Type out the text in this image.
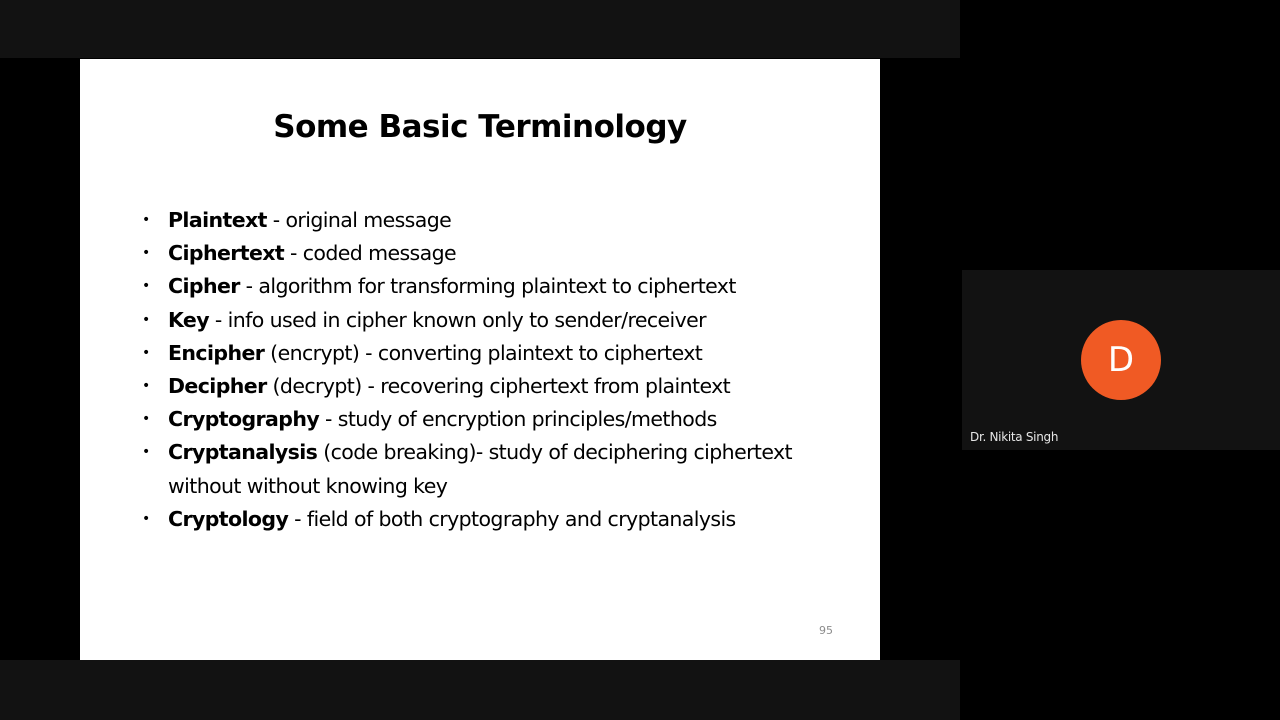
Some Basic Terminology
• Plaintext - original message
• Ciphertext - coded message
• Cipher - algorithm for transforming plaintext to ciphertext
• Key - info used in cipher known only to sender/receiver
• Encipher (encrypt) - converting plaintext to ciphertext
• Decipher (decrypt) - recovering ciphertext from plaintext
• Cryptography - study of encryption principles/methods
• Cryptanalysis (code breaking)- study of deciphering ciphertext without without knowing key
• Cryptology - field of both cryptography and cryptanalysis
95
D
Dr. Nikita Singh
